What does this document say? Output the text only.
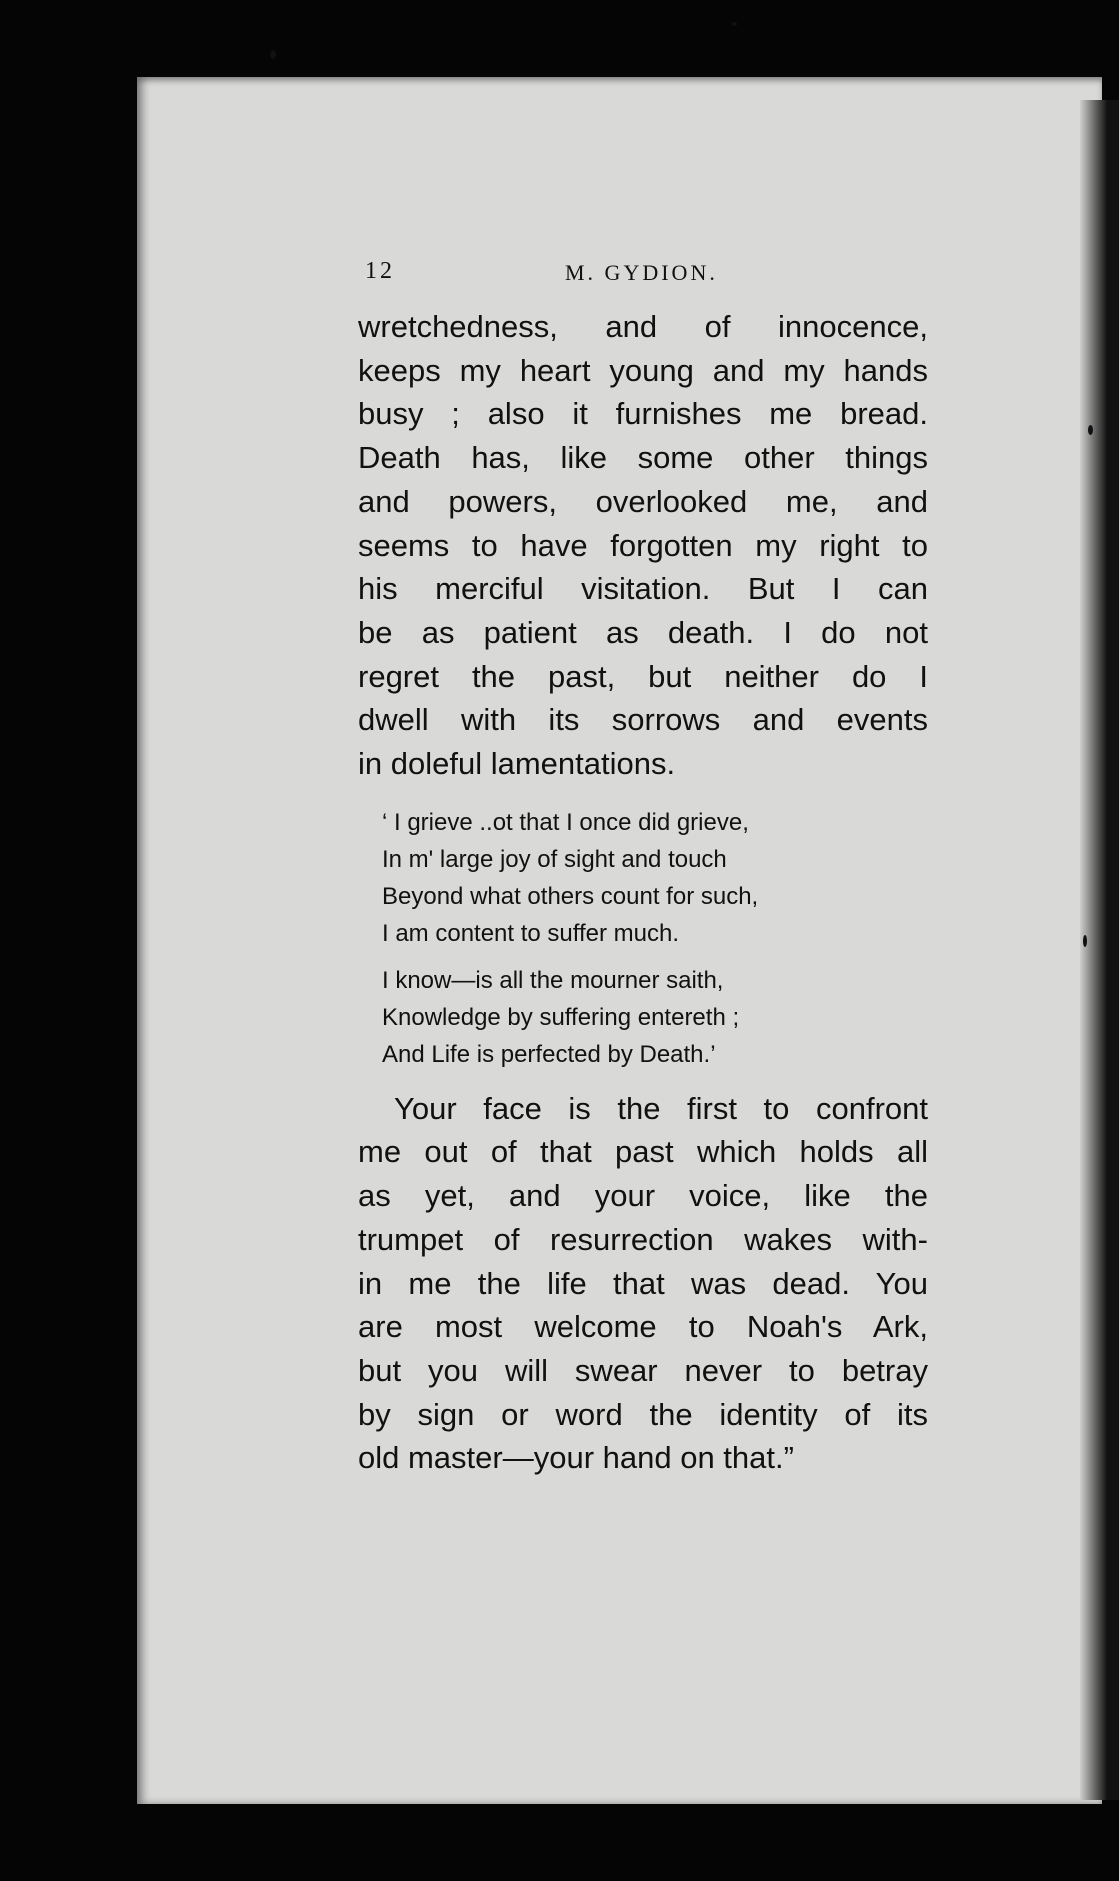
12	M. GYDION.
wretchedness, and of innocence,
keeps my heart young and my hands
busy ; also it furnishes me bread.
Death has, like some other things
and powers, overlooked me, and
seems to have forgotten my right to
his merciful visitation. But I can
be as patient as death. I do not
regret the past, but neither do I
dwell with its sorrows and events
in doleful lamentations.
‘ I grieve ..ot that I once did grieve,
In m' large joy of sight and touch
Beyond what others count for such,
I am content to suffer much.
I know—is all the mourner saith,
Knowledge by suffering entereth ;
And Life is perfected by Death.’
Your face is the first to confront
me out of that past which holds all
as yet, and your voice, like the
trumpet of resurrection wakes with-
in me the life that was dead. You
are most welcome to Noah's Ark,
but you will swear never to betray
by sign or word the identity of its
old master—your hand on that.”
